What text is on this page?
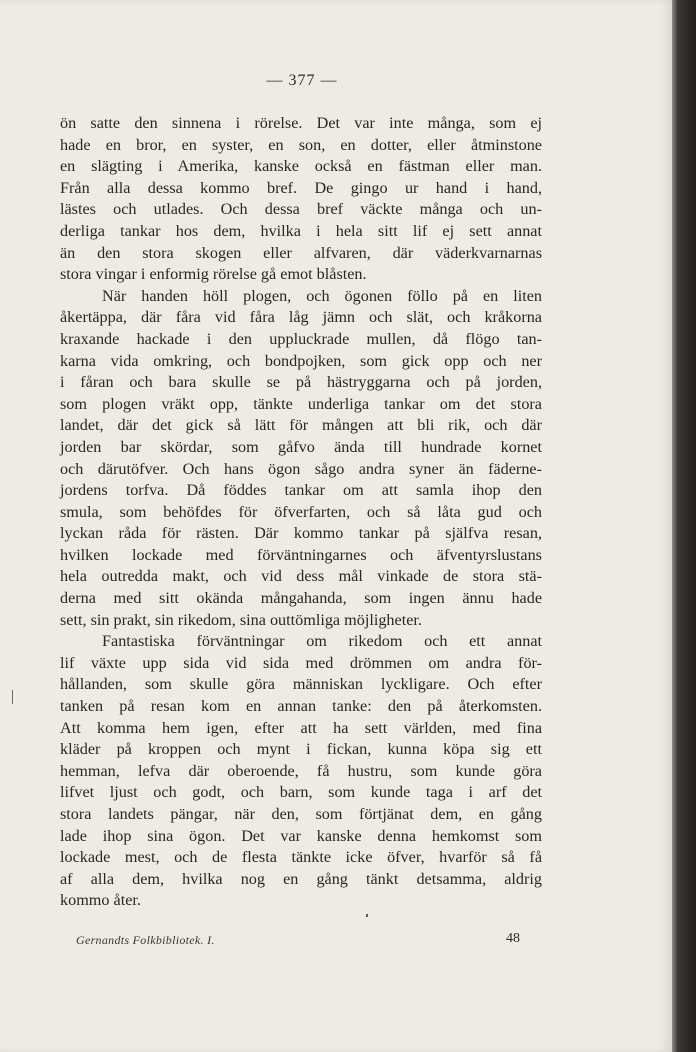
— 377 —
ön satte den sinnena i rörelse. Det var inte många, som ej
hade en bror, en syster, en son, en dotter, eller åtminstone
en slägting i Amerika, kanske också en fästman eller man.
Från alla dessa kommo bref. De gingo ur hand i hand,
lästes och utlades. Och dessa bref väckte många och un-
derliga tankar hos dem, hvilka i hela sitt lif ej sett annat
än den stora skogen eller alfvaren, där väderkvarnarnas
stora vingar i enformig rörelse gå emot blåsten.
När handen höll plogen, och ögonen föllo på en liten
åkertäppa, där fåra vid fåra låg jämn och slät, och kråkorna
kraxande hackade i den uppluckrade mullen, då flögo tan-
karna vida omkring, och bondpojken, som gick opp och ner
i fåran och bara skulle se på hästryggarna och på jorden,
som plogen vräkt opp, tänkte underliga tankar om det stora
landet, där det gick så lätt för mången att bli rik, och där
jorden bar skördar, som gåfvo ända till hundrade kornet
och därutöfver. Och hans ögon sågo andra syner än fäderne-
jordens torfva. Då föddes tankar om att samla ihop den
smula, som behöfdes för öfverfarten, och så låta gud och
lyckan råda för rästen. Där kommo tankar på själfva resan,
hvilken lockade med förväntningarnes och äfventyrslustans
hela outredda makt, och vid dess mål vinkade de stora stä-
derna med sitt okända mångahanda, som ingen ännu hade
sett, sin prakt, sin rikedom, sina outtömliga möjligheter.
Fantastiska förväntningar om rikedom och ett annat
lif växte upp sida vid sida med drömmen om andra för-
hållanden, som skulle göra människan lyckligare. Och efter
tanken på resan kom en annan tanke: den på återkomsten.
Att komma hem igen, efter att ha sett världen, med fina
kläder på kroppen och mynt i fickan, kunna köpa sig ett
hemman, lefva där oberoende, få hustru, som kunde göra
lifvet ljust och godt, och barn, som kunde taga i arf det
stora landets pängar, när den, som förtjänat dem, en gång
lade ihop sina ögon. Det var kanske denna hemkomst som
lockade mest, och de flesta tänkte icke öfver, hvarför så få
af alla dem, hvilka nog en gång tänkt detsamma, aldrig
kommo åter.
Gernandts Folkbibliotek. I.	48
